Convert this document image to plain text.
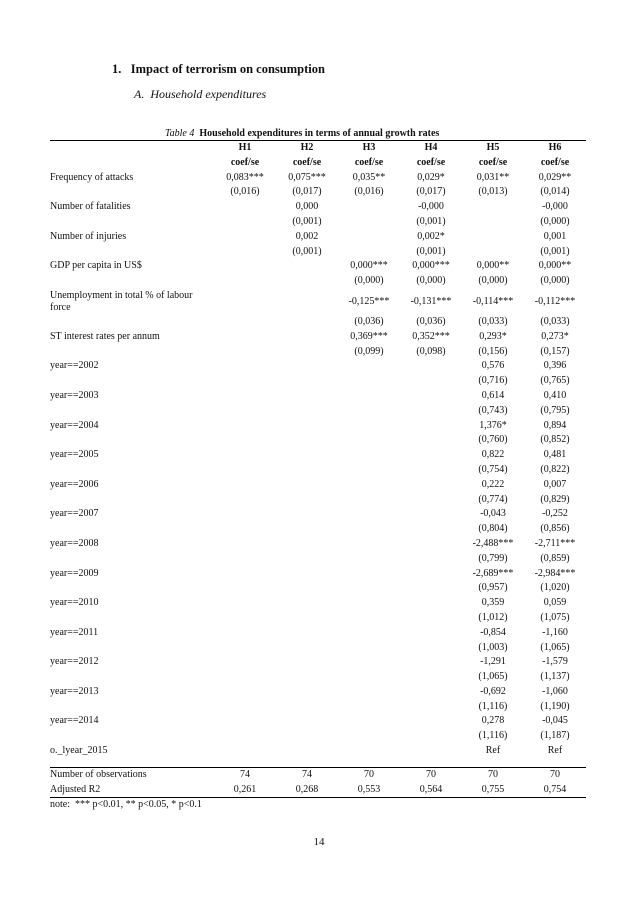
1.   Impact of terrorism on consumption
A.  Household expenditures
Table 4 Household expenditures in terms of annual growth rates
	H1	H2	H3	H4	H5	H6
	coef/se	coef/se	coef/se	coef/se	coef/se	coef/se
Frequency of attacks	0,083***	0,075***	0,035**	0,029*	0,031**	0,029**
	(0,016)	(0,017)	(0,016)	(0,017)	(0,013)	(0,014)
Number of fatalities		0,000		-0,000		-0,000
		(0,001)		(0,001)		(0,000)
Number of injuries		0,002		0,002*		0,001
		(0,001)		(0,001)		(0,001)
GDP per capita in US$			0,000***	0,000***	0,000**	0,000**
			(0,000)	(0,000)	(0,000)	(0,000)
Unemployment in total % of labour force			-0,125***	-0,131***	-0,114***	-0,112***
			(0,036)	(0,036)	(0,033)	(0,033)
ST interest rates per annum			0,369***	0,352***	0,293*	0,273*
			(0,099)	(0,098)	(0,156)	(0,157)
year==2002					0,576	0,396
					(0,716)	(0,765)
year==2003					0,614	0,410
					(0,743)	(0,795)
year==2004					1,376*	0,894
					(0,760)	(0,852)
year==2005					0,822	0,481
					(0,754)	(0,822)
year==2006					0,222	0,007
					(0,774)	(0,829)
year==2007					-0,043	-0,252
					(0,804)	(0,856)
year==2008					-2,488***	-2,711***
					(0,799)	(0,859)
year==2009					-2,689***	-2,984***
					(0,957)	(1,020)
year==2010					0,359	0,059
					(1,012)	(1,075)
year==2011					-0,854	-1,160
					(1,003)	(1,065)
year==2012					-1,291	-1,579
					(1,065)	(1,137)
year==2013					-0,692	-1,060
					(1,116)	(1,190)
year==2014					0,278	-0,045
					(1,116)	(1,187)
o._lyear_2015					Ref	Ref

Number of observations	74	74	70	70	70	70
Adjusted R2	0,261	0,268	0,553	0,564	0,755	0,754
note:  *** p<0.01, ** p<0.05, * p<0.1						
14
